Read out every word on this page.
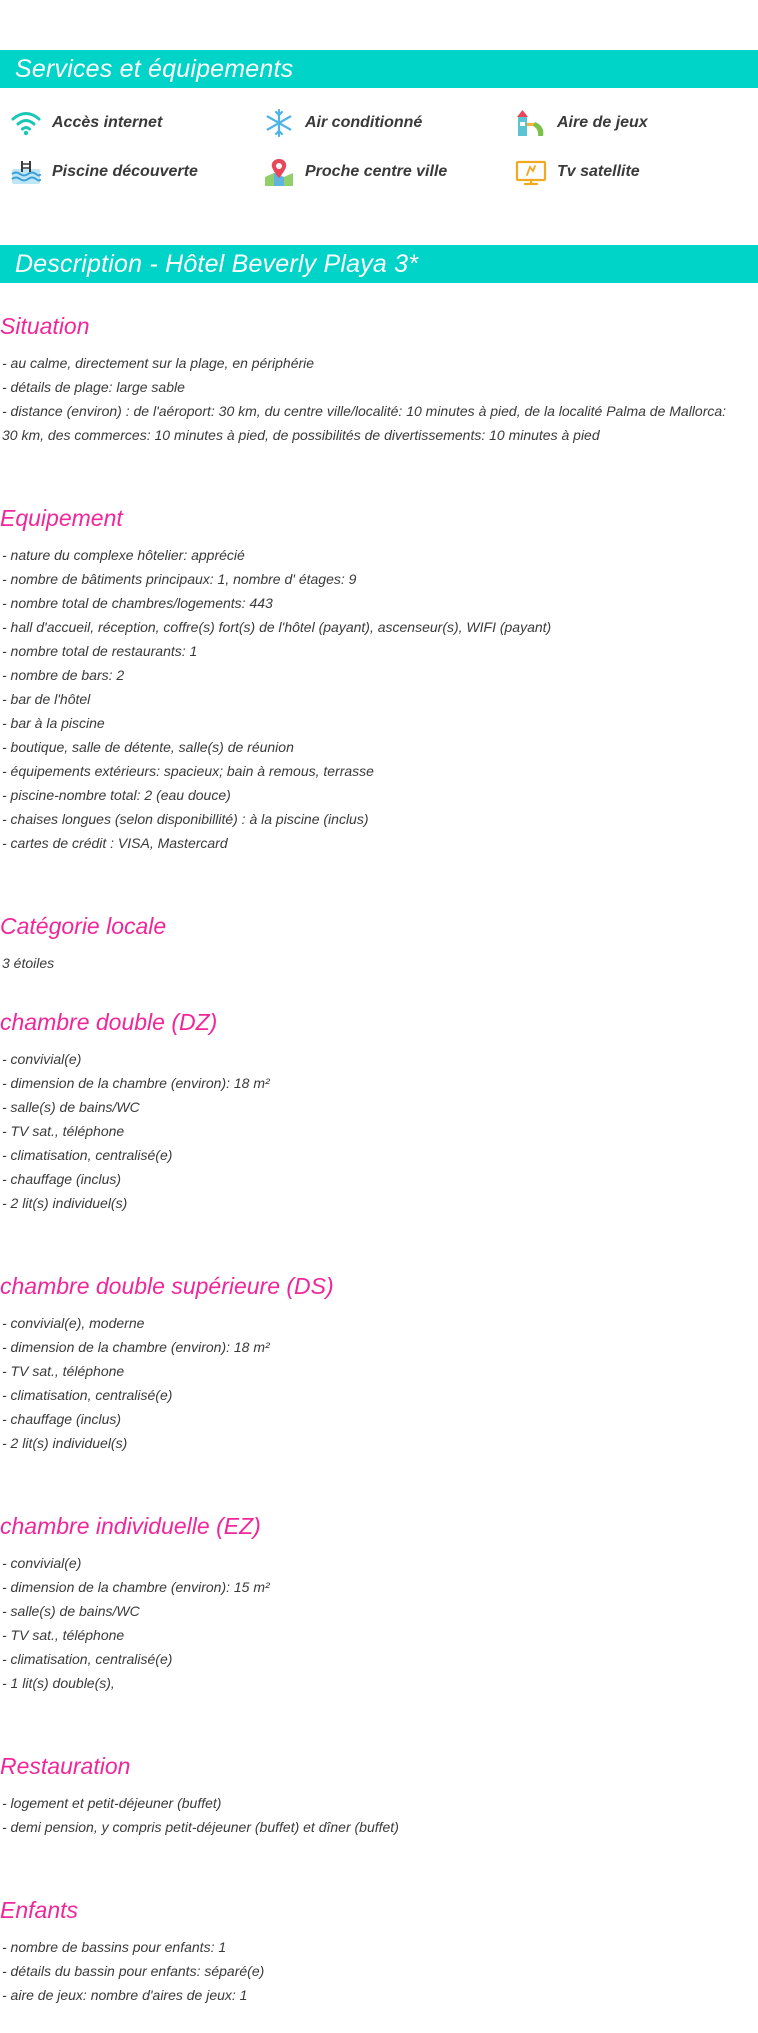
Services et équipements
Accès internet	Air conditionné	Aire de jeux
Piscine découverte	Proche centre ville	Tv satellite
Description - Hôtel Beverly Playa 3*
Situation
- au calme, directement sur la plage, en périphérie
- détails de plage: large sable
- distance (environ) : de l'aéroport: 30 km, du centre ville/localité: 10 minutes à pied, de la localité Palma de Mallorca:
30 km, des commerces: 10 minutes à pied, de possibilités de divertissements: 10 minutes à pied
Equipement
- nature du complexe hôtelier: apprécié
- nombre de bâtiments principaux: 1, nombre d' étages: 9
- nombre total de chambres/logements: 443
- hall d'accueil, réception, coffre(s) fort(s) de l'hôtel (payant), ascenseur(s), WIFI (payant)
- nombre total de restaurants: 1
- nombre de bars: 2
- bar de l'hôtel
- bar à la piscine
- boutique, salle de détente, salle(s) de réunion
- équipements extérieurs: spacieux; bain à remous, terrasse
- piscine-nombre total: 2 (eau douce)
- chaises longues (selon disponibillité) : à la piscine (inclus)
- cartes de crédit : VISA, Mastercard
Catégorie locale
3 étoiles
chambre double (DZ)
- convivial(e)
- dimension de la chambre (environ): 18 m²
- salle(s) de bains/WC
- TV sat., téléphone
- climatisation, centralisé(e)
- chauffage (inclus)
- 2 lit(s) individuel(s)
chambre double supérieure (DS)
- convivial(e), moderne
- dimension de la chambre (environ): 18 m²
- TV sat., téléphone
- climatisation, centralisé(e)
- chauffage (inclus)
- 2 lit(s) individuel(s)
chambre individuelle (EZ)
- convivial(e)
- dimension de la chambre (environ): 15 m²
- salle(s) de bains/WC
- TV sat., téléphone
- climatisation, centralisé(e)
- 1 lit(s) double(s),
Restauration
- logement et petit-déjeuner (buffet)
- demi pension, y compris petit-déjeuner (buffet) et dîner (buffet)
Enfants
- nombre de bassins pour enfants: 1
- détails du bassin pour enfants: séparé(e)
- aire de jeux: nombre d'aires de jeux: 1
